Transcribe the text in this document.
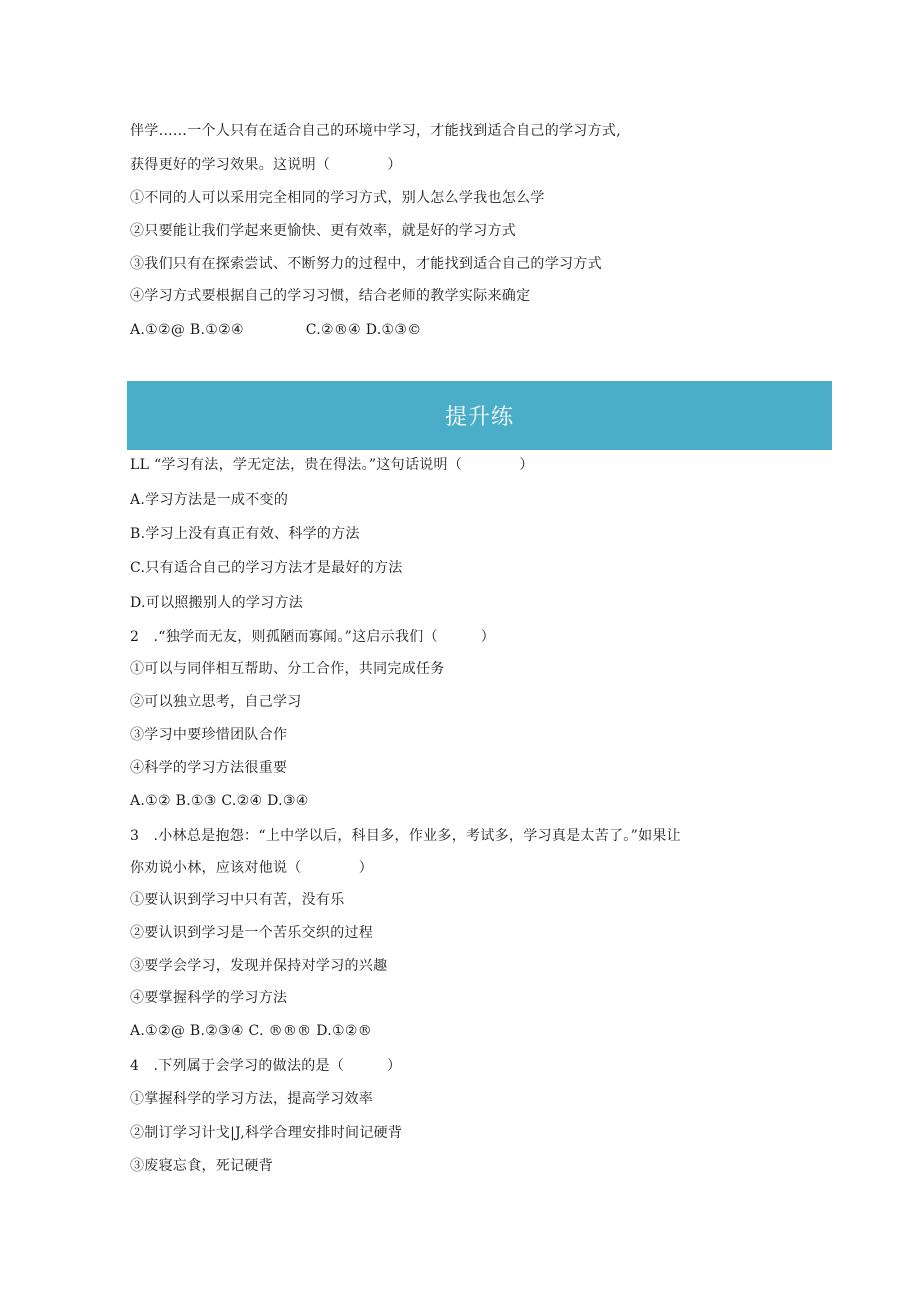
伴学……一个人只有在适合自己的环境中学习，才能找到适合自己的学习方式,
获得更好的学习效果。这说明（　　　　）
①不同的人可以采用完全相同的学习方式，别人怎么学我也怎么学
②只要能让我们学起来更愉快、更有效率，就是好的学习方式
③我们只有在探索尝试、不断努力的过程中，才能找到适合自己的学习方式
④学习方式要根据自己的学习习惯，结合老师的教学实际来确定
A.①②@ B.①②④　　　　 C.②®④ D.①③©
提升练
LL “学习有法，学无定法，贵在得法。”这句话说明（　　　　）
A.学习方法是一成不变的
B.学习上没有真正有效、科学的方法
C.只有适合自己的学习方法才是最好的方法
D.可以照搬别人的学习方法
2　.“独学而无友，则孤陋而寡闻。”这启示我们（　　　）
①可以与同伴相互帮助、分工合作，共同完成任务
②可以独立思考，自己学习
③学习中要珍惜团队合作
④科学的学习方法很重要
A.①② B.①③ C.②④ D.③④
3　.小林总是抱怨：“上中学以后，科目多，作业多，考试多，学习真是太苦了。”如果让
你劝说小林，应该对他说（　　　　）
①要认识到学习中只有苦，没有乐
②要认识到学习是一个苦乐交织的过程
③要学会学习，发现并保持对学习的兴趣
④要掌握科学的学习方法
A.①②@ B.②③④ C. ®®® D.①②®
4　.下列属于会学习的做法的是（　　　）
①掌握科学的学习方法，提高学习效率
②制订学习计戈|J,科学合理安排时间记硬背
③废寝忘食，死记硬背
